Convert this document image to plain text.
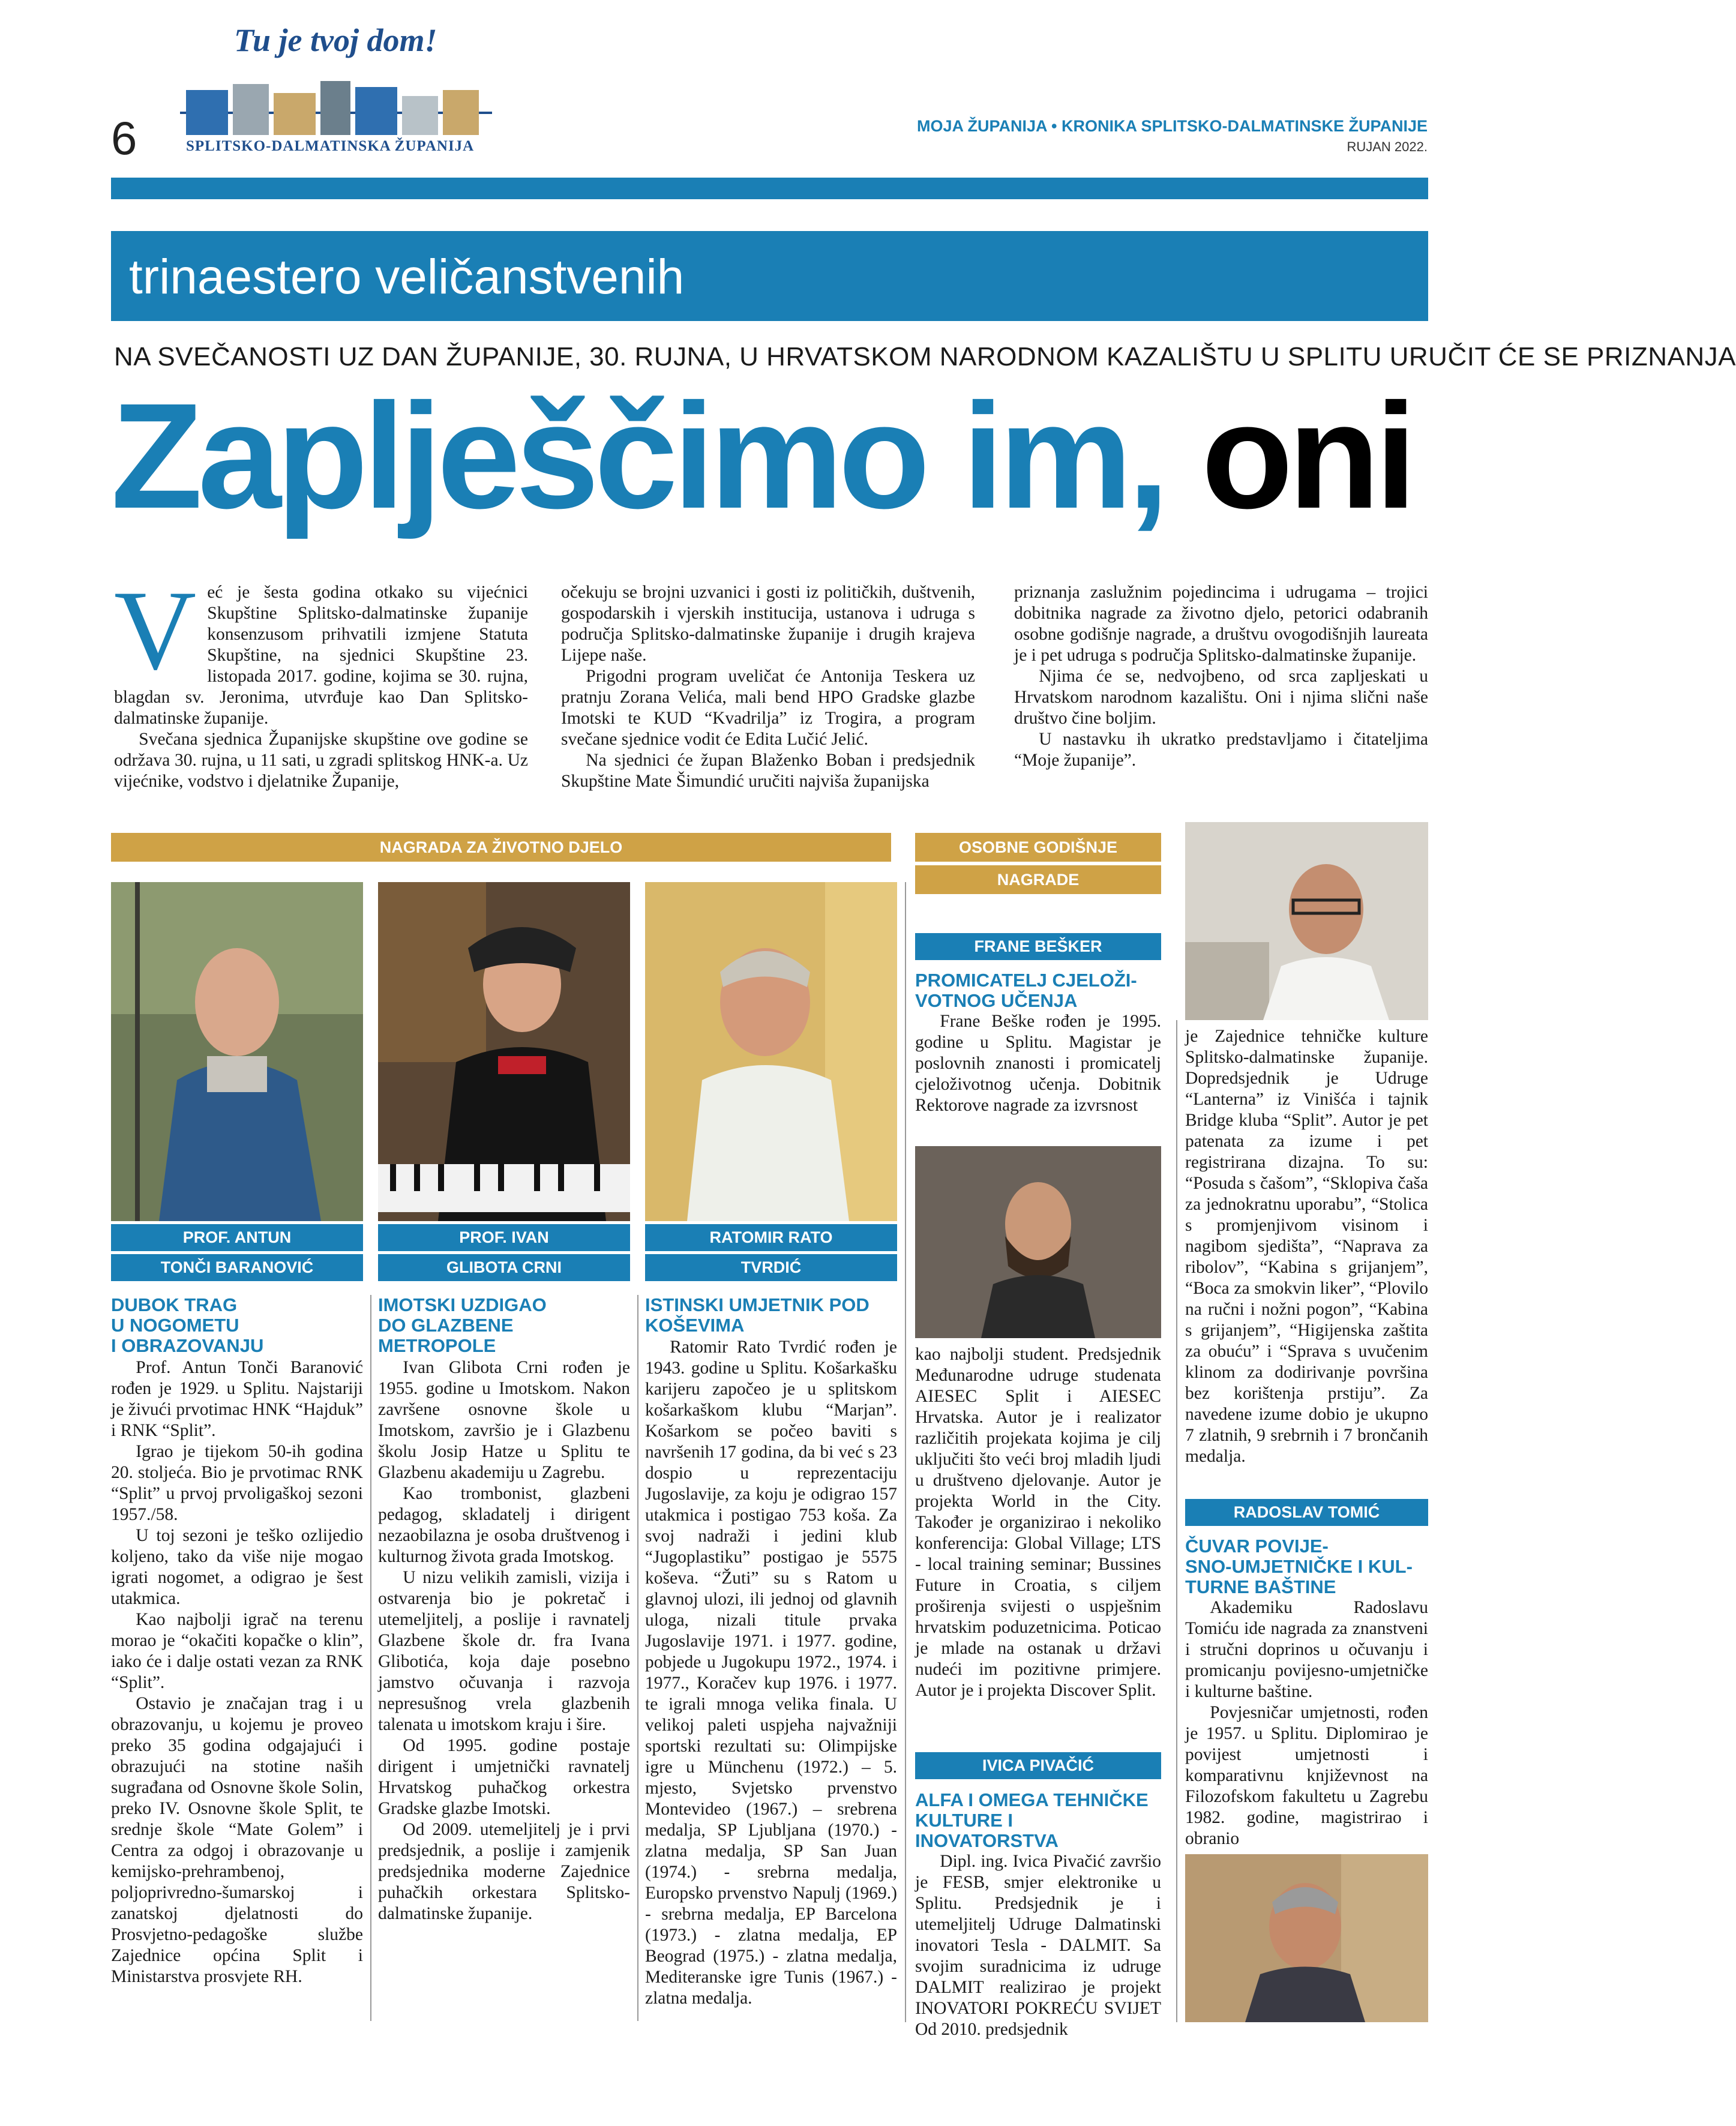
6
Tu je tvoj dom!
SPLITSKO-DALMATINSKA ŽUPANIJA
MOJA ŽUPANIJA • KRONIKA SPLITSKO-DALMATINSKE ŽUPANIJE
RUJAN 2022.
trinaestero veličanstvenih
NA SVEČANOSTI UZ DAN ŽUPANIJE, 30. RUJNA, U HRVATSKOM NARODNOM KAZALIŠTU U SPLITU URUČIT ĆE SE PRIZNANJA
Zaplješčimo im, oni
V eć je šesta godina otkako su vijećnici Skupštine Splitsko-dalmatinske županije konsenzusom prihvatili izmjene Statuta Skupštine, na sjednici Skupštine 23. listopada 2017. godine, kojima se 30. rujna, blagdan sv. Jeronima, utvrđuje kao Dan Splitsko-dalmatinske županije.

Svečana sjednica Županijske skupštine ove godine se održava 30. rujna, u 11 sati, u zgradi splitskog HNK-a. Uz vijećnike, vodstvo i djelatnike Županije,

očekuju se brojni uzvanici i gosti iz političkih, duštvenih, gospodarskih i vjerskih institucija, ustanova i udruga s područja Splitsko-dalmatinske županije i drugih krajeva Lijepe naše.

Prigodni program uveličat će Antonija Teskera uz pratnju Zorana Velića, mali bend HPO Gradske glazbe Imotski te KUD “Kvadrilja” iz Trogira, a program svečane sjednice vodit će Edita Lučić Jelić.

Na sjednici će župan Blaženko Boban i predsjednik Skupštine Mate Šimundić uručiti najviša županijska

priznanja zaslužnim pojedincima i udrugama – trojici dobitnika nagrade za životno djelo, petorici odabranih osobne godišnje nagrade, a društvu ovogodišnjih laureata je i pet udruga s područja Splitsko-dalmatinske županije.

Njima će se, nedvojbeno, od srca zapljeskati u Hrvatskom narodnom kazalištu. Oni i njima slični naše društvo čine boljim.

U nastavku ih ukratko predstavljamo i čitateljima “Moje županije”.

NAGRADA ZA ŽIVOTNO DJELO	OSOBNE GODIŠNJE
NAGRADE
PROF. ANTUN
TONČI BARANOVIĆ
PROF. IVAN
GLIBOTA CRNI
RATOMIR RATO
TVRDIĆ
DUBOK TRAG
U NOGOMETU
I OBRAZOVANJU

Prof. Antun Tonči Baranović rođen je 1929. u Splitu. Najstariji je živući prvotimac HNK “Hajduk” i RNK “Split”.

Igrao je tijekom 50-ih godina 20. stoljeća. Bio je prvotimac RNK “Split” u prvoj prvoligaškoj sezoni 1957./58.

U toj sezoni je teško ozlijedio koljeno, tako da više nije mogao igrati nogomet, a odigrao je šest utakmica.

Kao najbolji igrač na terenu morao je “okačiti kopačke o klin”, iako će i dalje ostati vezan za RNK “Split”.

Ostavio je značajan trag i u obrazovanju, u kojemu je proveo preko 35 godina odgajajući i obrazujući na stotine naših sugrađana od Osnovne škole Solin, preko IV. Osnovne škole Split, te srednje škole “Mate Golem” i Centra za odgoj i obrazovanje u kemijsko-prehrambenoj, poljoprivredno-šumarskoj i zanatskoj djelatnosti do Prosvjetno-pedagoške službe Zajednice općina Split i Ministarstva prosvjete RH.

IMOTSKI UZDIGAO
DO GLAZBENE
METROPOLE

Ivan Glibota Crni rođen je 1955. godine u Imotskom. Nakon završene osnovne škole u Imotskom, završio je i Glazbenu školu Josip Hatze u Splitu te Glazbenu akademiju u Zagrebu.

Kao trombonist, glazbeni pedagog, skladatelj i dirigent nezaobilazna je osoba društvenog i kulturnog života grada Imotskog.

U nizu velikih zamisli, vizija i ostvarenja bio je pokretač i utemeljitelj, a poslije i ravnatelj Glazbene škole dr. fra Ivana Glibotića, koja daje posebno jamstvo očuvanja i razvoja nepresušnog vrela glazbenih talenata u imotskom kraju i šire.

Od 1995. godine postaje dirigent i umjetnički ravnatelj Hrvatskog puhačkog orkestra Gradske glazbe Imotski.

Od 2009. utemeljitelj je i prvi predsjednik, a poslije i zamjenik predsjednika moderne Zajednice puhačkih orkestara Splitsko-dalmatinske županije.

ISTINSKI UMJETNIK POD
KOŠEVIMA

Ratomir Rato Tvrdić rođen je 1943. godine u Splitu. Košarkašku karijeru započeo je u splitskom košarkaškom klubu “Marjan”. Košarkom se počeo baviti s navršenih 17 godina, da bi već s 23 dospio u reprezentaciju Jugoslavije, za koju je odigrao 157 utakmica i postigao 753 koša. Za svoj nadraži i jedini klub “Jugoplastiku” postigao je 5575 koševa. “Žuti” su s Ratom u glavnoj ulozi, ili jednoj od glavnih uloga, nizali titule prvaka Jugoslavije 1971. i 1977. godine, pobjede u Jugokupu 1972., 1974. i 1977., Koračev kup 1976. i 1977. te igrali mnoga velika finala. U velikoj paleti uspjeha najvažniji sportski rezultati su: Olimpijske igre u Münchenu (1972.) – 5. mjesto, Svjetsko prvenstvo Montevideo (1967.) – srebrena medalja, SP Ljubljana (1970.) - zlatna medalja, SP San Juan (1974.) - srebrna medalja, Europsko prvenstvo Napulj (1969.) - srebrna medalja, EP Barcelona (1973.) - zlatna medalja, EP Beograd (1975.) - zlatna medalja, Mediteranske igre Tunis (1967.) - zlatna medalja.

FRANE BEŠKER
PROMICATELJ CJELOŽI-
VOTNOG UČENJA

Frane Beške rođen je 1995. godine u Splitu. Magistar je poslovnih znanosti i promicatelj cjeloživotnog učenja. Dobitnik Rektorove nagrade za izvrsnost

kao najbolji student. Predsjednik Međunarodne udruge studenata AIESEC Split i AIESEC Hrvatska. Autor je i realizator različitih projekata kojima je cilj uključiti što veći broj mladih ljudi u društveno djelovanje. Autor je projekta World in the City. Također je organizirao i nekoliko konferencija: Global Village; LTS - local training seminar; Bussines Future in Croatia, s ciljem proširenja svijesti o uspješnim hrvatskim poduzetnicima. Poticao je mlade na ostanak u državi nudeći im pozitivne primjere. Autor je i projekta Discover Split.

IVICA PIVAČIĆ
ALFA I OMEGA TEHNIČKE
KULTURE I INOVATORSTVA

Dipl. ing. Ivica Pivačić završio je FESB, smjer elektronike u Splitu. Predsjednik je i utemeljitelj Udruge Dalmatinski inovatori Tesla - DALMIT. Sa svojim suradnicima iz udruge DALMIT realizirao je projekt INOVATORI POKREĆU SVIJET Od 2010. predsjednik

je Zajednice tehničke kulture Splitsko-dalmatinske županije. Dopredsjednik je Udruge “Lanterna” iz Vinišća i tajnik Bridge kluba “Split”. Autor je pet patenata za izume i pet registrirana dizajna. To su: “Posuda s čašom”, “Sklopiva čaša za jednokratnu uporabu”, “Stolica s promjenjivom visinom i nagibom sjedišta”, “Naprava za ribolov”, “Kabina s grijanjem”, “Boca za smokvin liker”, “Plovilo na ručni i nožni pogon”, “Kabina s grijanjem”, “Higijenska zaštita za obuću” i “Sprava s uvučenim klinom za dodirivanje površina bez korištenja prstiju”. Za navedene izume dobio je ukupno 7 zlatnih, 9 srebrnih i 7 brončanih medalja.

RADOSLAV TOMIĆ
ČUVAR POVIJE-
SNO-UMJETNIČKE I KUL-
TURNE BAŠTINE

Akademiku Radoslavu Tomiću ide nagrada za znanstveni i stručni doprinos u očuvanju i promicanju povijesno-umjetničke i kulturne baštine.

Povjesničar umjetnosti, rođen je 1957. u Splitu. Diplomirao je povijest umjetnosti i komparativnu književnost na Filozofskom fakultetu u Zagrebu 1982. godine, magistrirao i obranio
